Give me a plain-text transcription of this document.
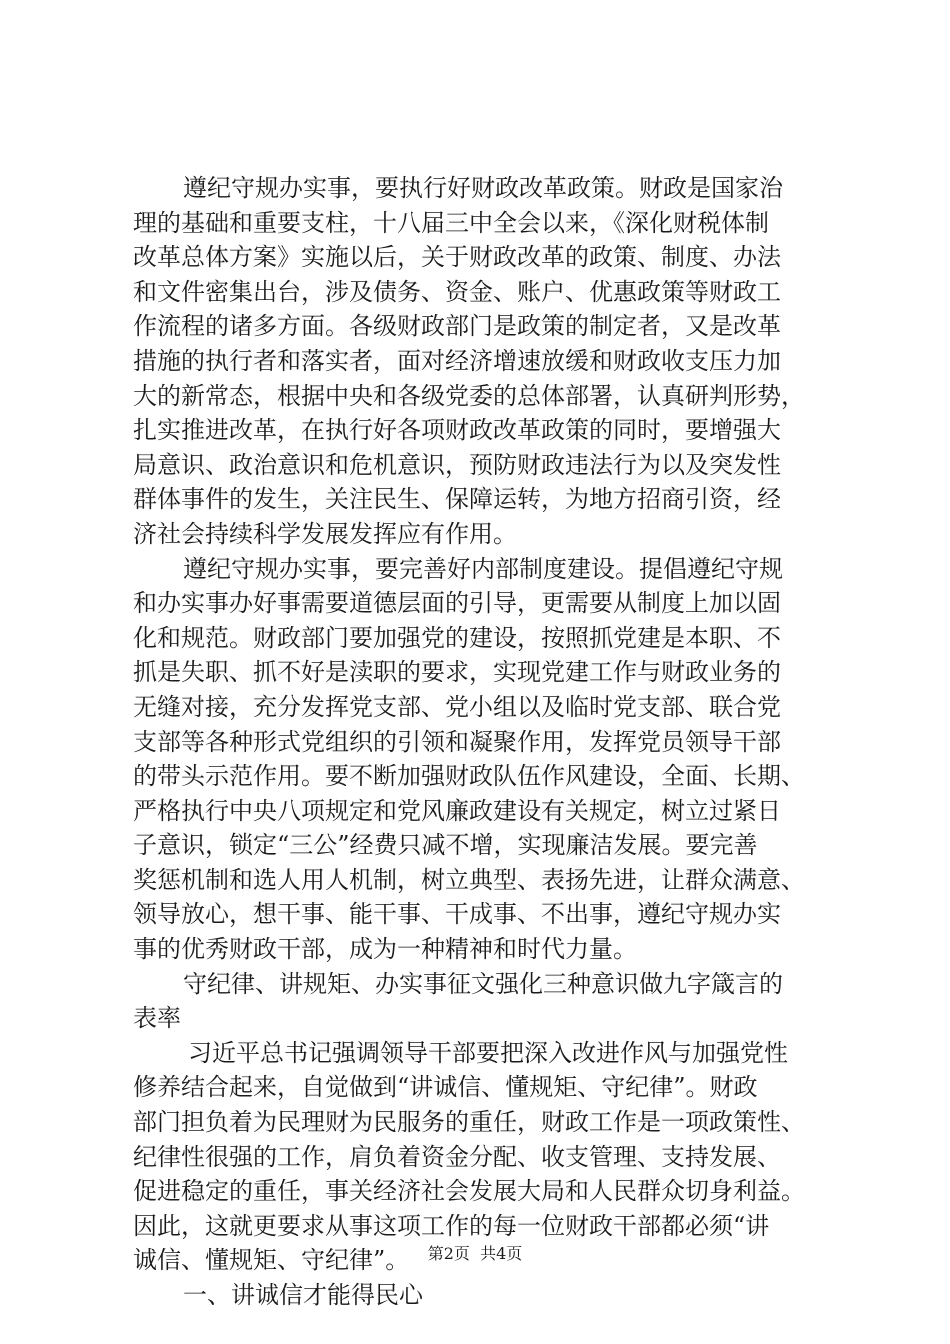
遵纪守规办实事，要执行好财政改革政策。财政是国家治
理的基础和重要支柱，十八届三中全会以来，《深化财税体制
改革总体方案》实施以后，关于财政改革的政策、制度、办法
和文件密集出台，涉及债务、资金、账户、优惠政策等财政工
作流程的诸多方面。各级财政部门是政策的制定者，又是改革
措施的执行者和落实者，面对经济增速放缓和财政收支压力加
大的新常态，根据中央和各级党委的总体部署，认真研判形势，
扎实推进改革，在执行好各项财政改革政策的同时，要增强大
局意识、政治意识和危机意识，预防财政违法行为以及突发性
群体事件的发生，关注民生、保障运转，为地方招商引资，经
济社会持续科学发展发挥应有作用。
遵纪守规办实事，要完善好内部制度建设。提倡遵纪守规
和办实事办好事需要道德层面的引导，更需要从制度上加以固
化和规范。财政部门要加强党的建设，按照抓党建是本职、不
抓是失职、抓不好是渎职的要求，实现党建工作与财政业务的
无缝对接，充分发挥党支部、党小组以及临时党支部、联合党
支部等各种形式党组织的引领和凝聚作用，发挥党员领导干部
的带头示范作用。要不断加强财政队伍作风建设，全面、长期、
严格执行中央八项规定和党风廉政建设有关规定，树立过紧日
子意识，锁定“三公”经费只减不增，实现廉洁发展。要完善
奖惩机制和选人用人机制，树立典型、表扬先进，让群众满意、
领导放心，想干事、能干事、干成事、不出事，遵纪守规办实
事的优秀财政干部，成为一种精神和时代力量。
守纪律、讲规矩、办实事征文强化三种意识做九字箴言的
表率
习近平总书记强调领导干部要把深入改进作风与加强党性
修养结合起来，自觉做到“讲诚信、懂规矩、守纪律”。财政
部门担负着为民理财为民服务的重任，财政工作是一项政策性、
纪律性很强的工作，肩负着资金分配、收支管理、支持发展、
促进稳定的重任，事关经济社会发展大局和人民群众切身利益。
因此，这就更要求从事这项工作的每一位财政干部都必须“讲
诚信、懂规矩、守纪律”。
一、讲诚信才能得民心
第2页  共4页
